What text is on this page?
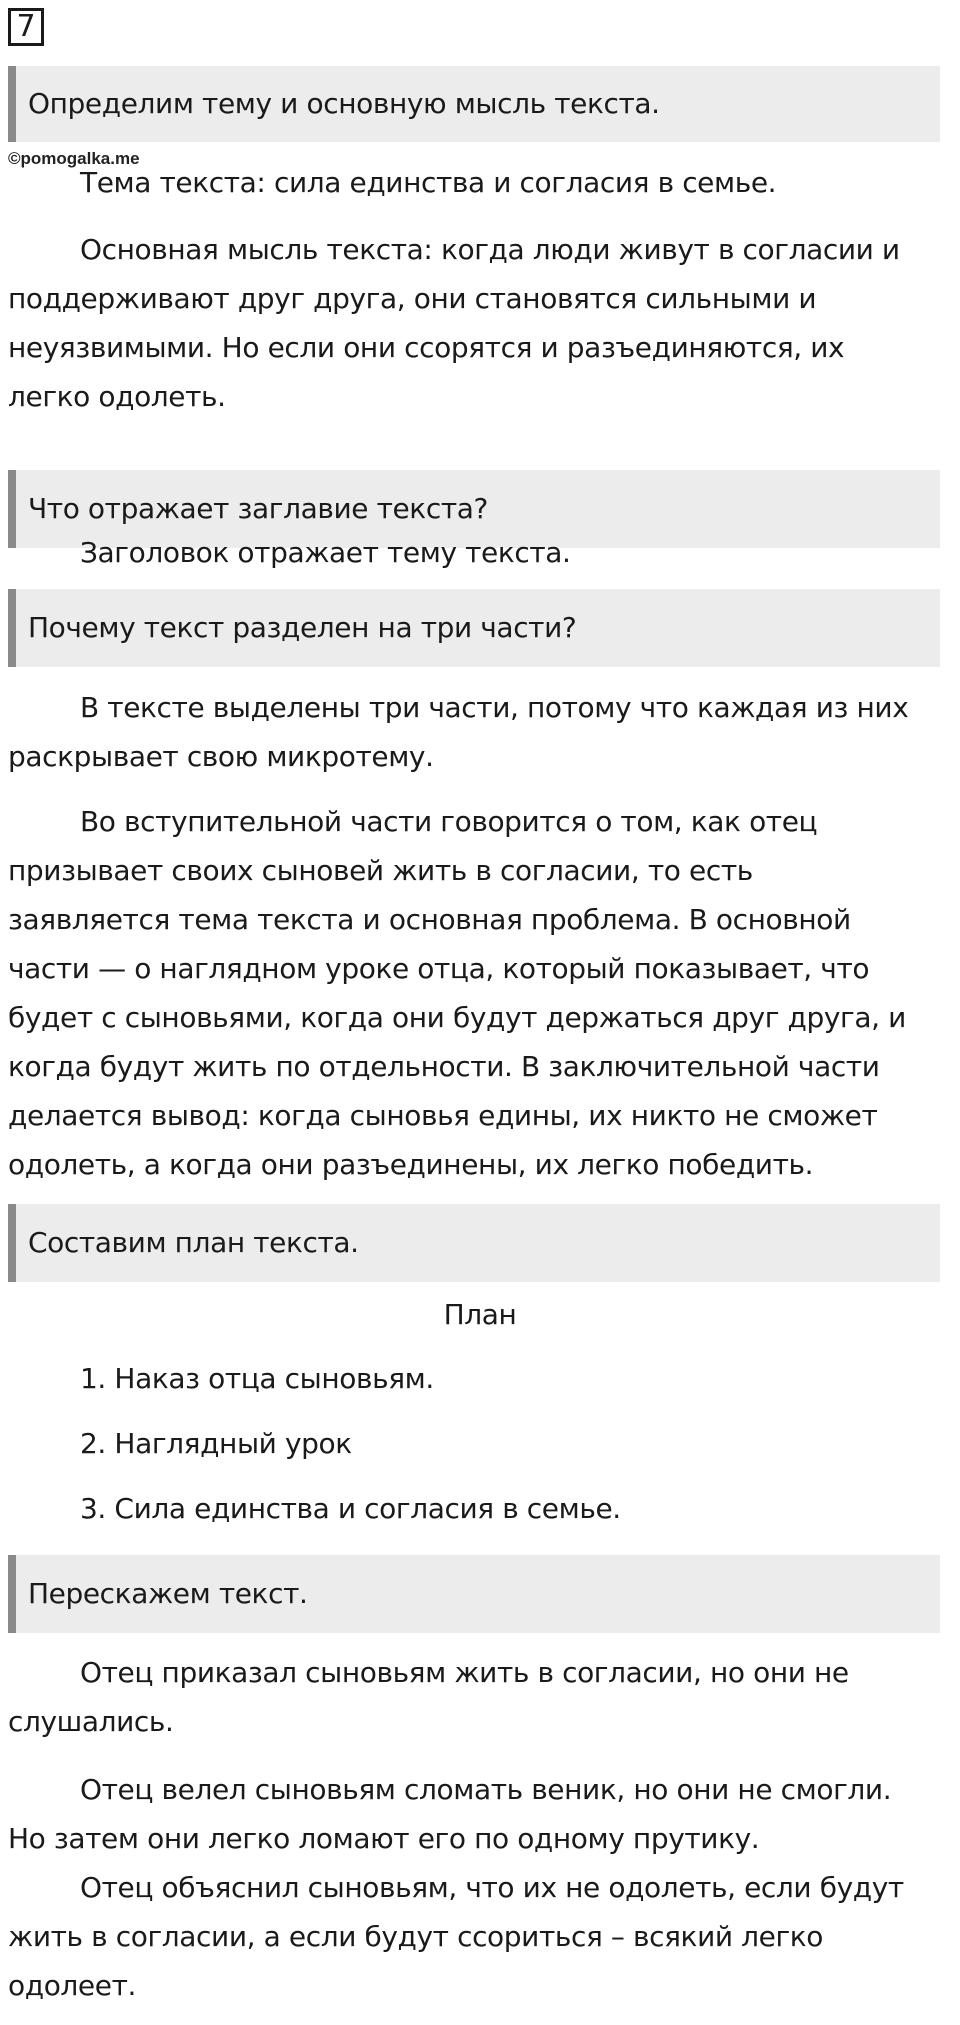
7
Определим тему и основную мысль текста.
©pomogalka.me
Тема текста: сила единства и согласия в семье.
Основная мысль текста: когда люди живут в согласии и
поддерживают друг друга, они становятся сильными и
неуязвимыми. Но если они ссорятся и разъединяются, их
легко одолеть.
Что отражает заглавие текста?
Заголовок отражает тему текста.
Почему текст разделен на три части?
В тексте выделены три части, потому что каждая из них
раскрывает свою микротему.
Во вступительной части говорится о том, как отец
призывает своих сыновей жить в согласии, то есть
заявляется тема текста и основная проблема. В основной
части — о наглядном уроке отца, который показывает, что
будет с сыновьями, когда они будут держаться друг друга, и
когда будут жить по отдельности. В заключительной части
делается вывод: когда сыновья едины, их никто не сможет
одолеть, а когда они разъединены, их легко победить.
Составим план текста.
План
1. Наказ отца сыновьям.
2. Наглядный урок
3. Сила единства и согласия в семье.
Перескажем текст.
Отец приказал сыновьям жить в согласии, но они не
слушались.
Отец велел сыновьям сломать веник, но они не смогли.
Но затем они легко ломают его по одному прутику.
Отец объяснил сыновьям, что их не одолеть, если будут
жить в согласии, а если будут ссориться – всякий легко
одолеет.
